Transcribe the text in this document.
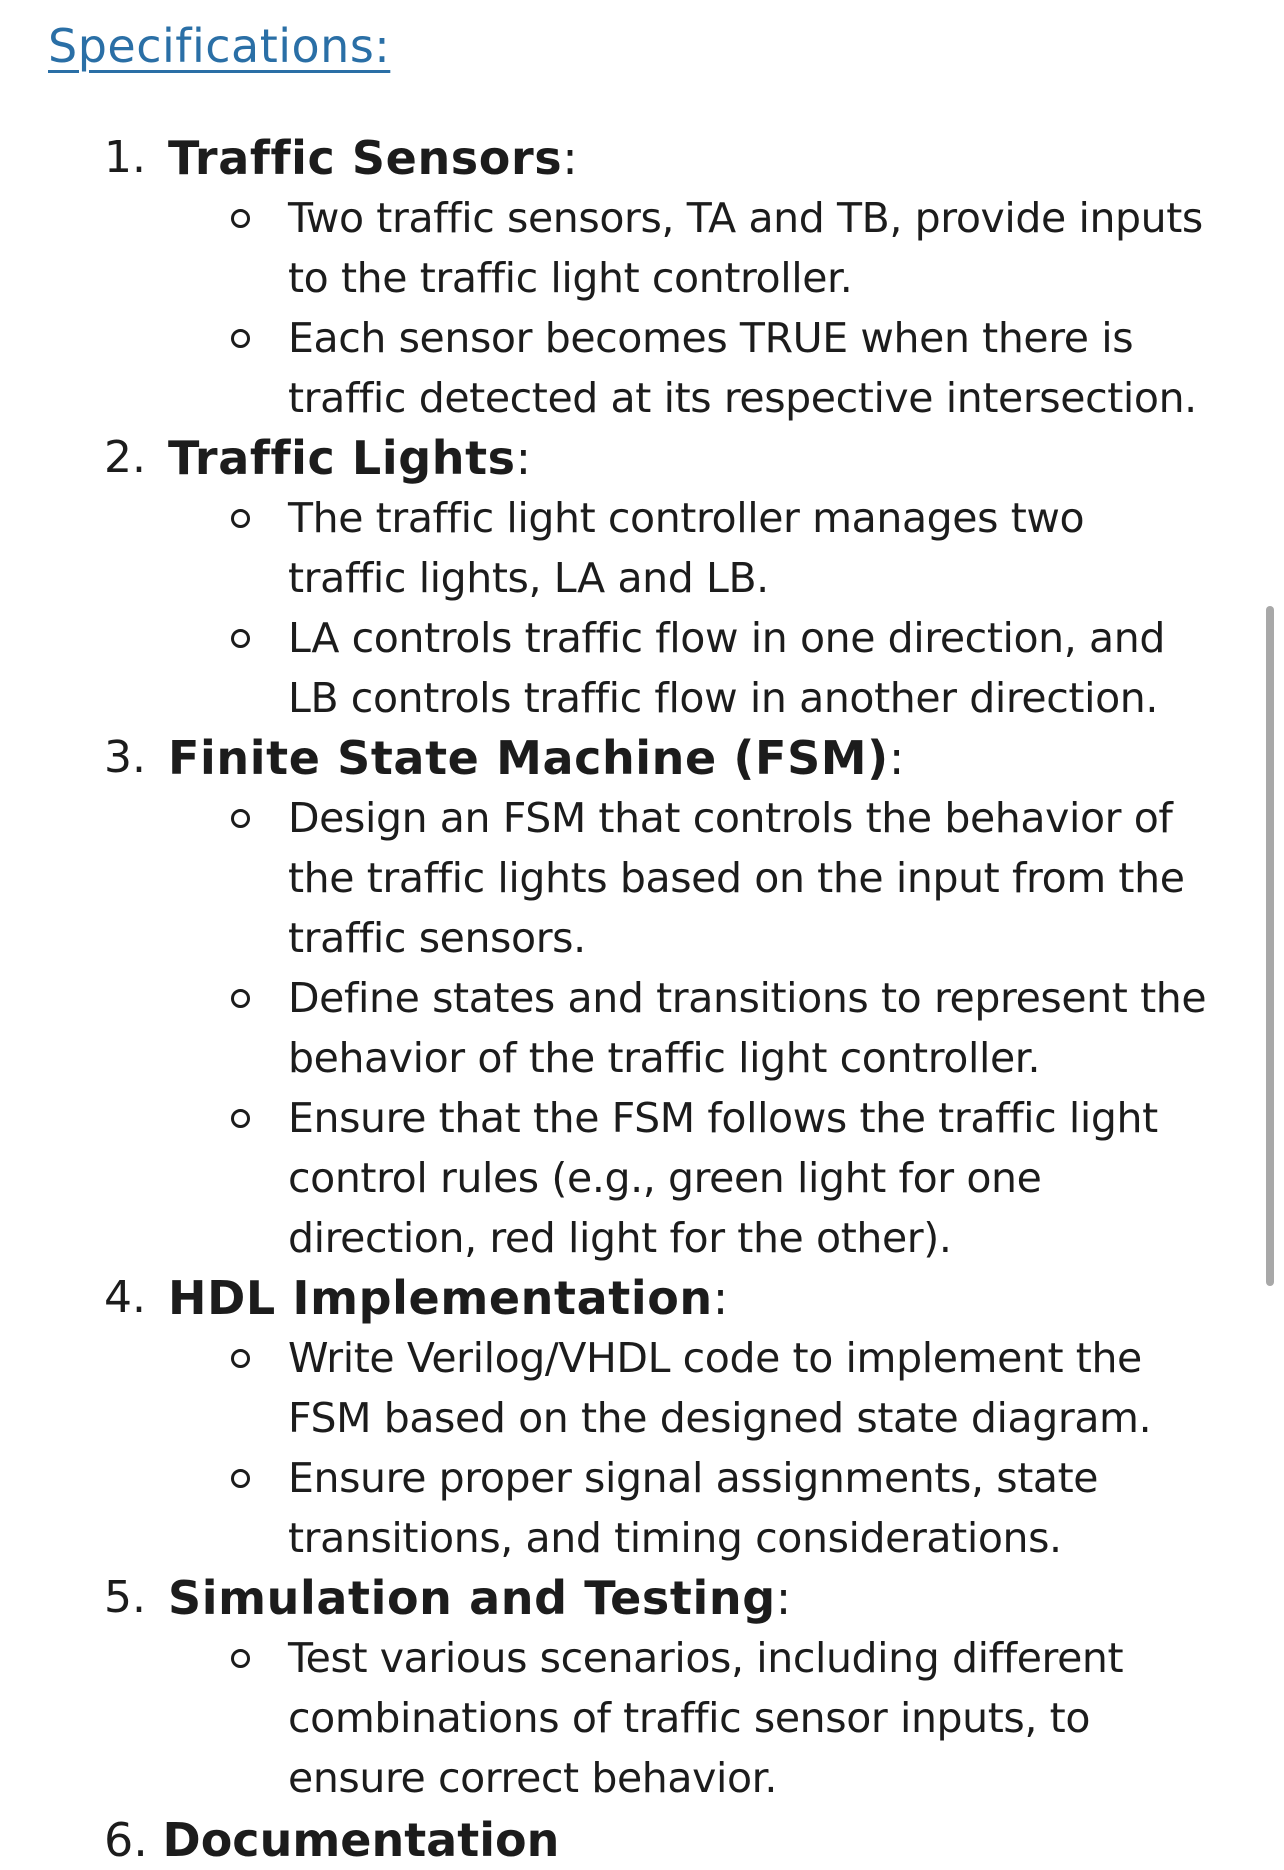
Specifications:
1. Traffic Sensors:
Two traffic sensors, TA and TB, provide inputs
to the traffic light controller.
Each sensor becomes TRUE when there is
traffic detected at its respective intersection.
2. Traffic Lights:
The traffic light controller manages two
traffic lights, LA and LB.
LA controls traffic flow in one direction, and
LB controls traffic flow in another direction.
3. Finite State Machine (FSM):
Design an FSM that controls the behavior of
the traffic lights based on the input from the
traffic sensors.
Define states and transitions to represent the
behavior of the traffic light controller.
Ensure that the FSM follows the traffic light
control rules (e.g., green light for one
direction, red light for the other).
4. HDL Implementation:
Write Verilog/VHDL code to implement the
FSM based on the designed state diagram.
Ensure proper signal assignments, state
transitions, and timing considerations.
5. Simulation and Testing:
Test various scenarios, including different
combinations of traffic sensor inputs, to
ensure correct behavior.
6. Documentation
